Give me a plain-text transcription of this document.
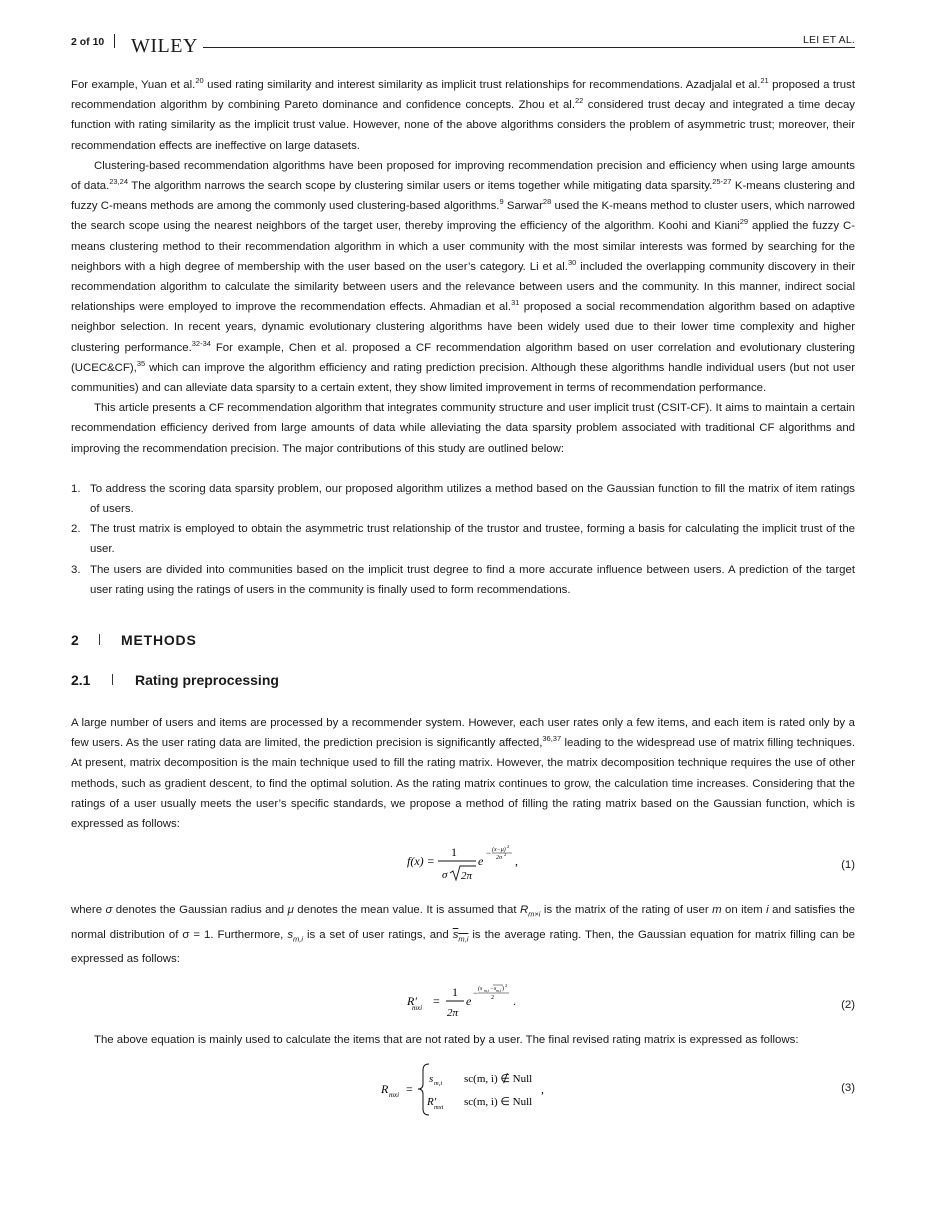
2 of 10 WILEY	LEI ET AL.

For example, Yuan et al.$^{20}$ used rating similarity and interest similarity as implicit trust relationships for recommendations. Azadjalal et al.$^{21}$ proposed a trust recommendation algorithm by combining Pareto dominance and confidence concepts. Zhou et al.$^{22}$ considered trust decay and integrated a time decay function with rating similarity as the implicit trust value. However, none of the above algorithms considers the problem of asymmetric trust; moreover, their recommendation effects are ineffective on large datasets.

Clustering-based recommendation algorithms have been proposed for improving recommendation precision and efficiency when using large amounts of data.$^{23,24}$ The algorithm narrows the search scope by clustering similar users or items together while mitigating data sparsity.$^{25-27}$ K-means clustering and fuzzy C-means methods are among the commonly used clustering-based algorithms.$^9$ Sarwar$^{28}$ used the K-means method to cluster users, which narrowed the search scope using the nearest neighbors of the target user, thereby improving the efficiency of the algorithm. Koohi and Kiani$^{29}$ applied the fuzzy C-means clustering method to their recommendation algorithm in which a user community with the most similar interests was formed by searching for the neighbors with a high degree of membership with the user based on the user’s category. Li et al.$^{30}$ included the overlapping community discovery in their recommendation algorithm to calculate the similarity between users and the relevance between users and the community. In this manner, indirect social relationships were employed to improve the recommendation effects. Ahmadian et al.$^{31}$ proposed a social recommendation algorithm based on adaptive neighbor selection. In recent years, dynamic evolutionary clustering algorithms have been widely used due to their lower time complexity and higher clustering performance.$^{32-34}$ For example, Chen et al. proposed a CF recommendation algorithm based on user correlation and evolutionary clustering (UCEC&CF),$^{35}$ which can improve the algorithm efficiency and rating prediction precision. Although these algorithms handle individual users (but not user communities) and can alleviate data sparsity to a certain extent, they show limited improvement in terms of recommendation performance.

This article presents a CF recommendation algorithm that integrates community structure and user implicit trust (CSIT-CF). It aims to maintain a certain recommendation efficiency derived from large amounts of data while alleviating the data sparsity problem associated with traditional CF algorithms and improving the recommendation precision. The major contributions of this study are outlined below:

1. To address the scoring data sparsity problem, our proposed algorithm utilizes a method based on the Gaussian function to fill the matrix of item ratings of users.
2. The trust matrix is employed to obtain the asymmetric trust relationship of the trustor and trustee, forming a basis for calculating the implicit trust of the user.
3. The users are divided into communities based on the implicit trust degree to find a more accurate influence between users. A prediction of the target user rating using the ratings of users in the community is finally used to form recommendations.
2	METHODS
2.1	Rating preprocessing

A large number of users and items are processed by a recommender system. However, each user rates only a few items, and each item is rated only by a few users. As the user rating data are limited, the prediction precision is significantly affected,$^{36,37}$ leading to the widespread use of matrix filling techniques. At present, matrix decomposition is the main technique used to fill the rating matrix. However, the matrix decomposition technique requires the use of other methods, such as gradient descent, to find the optimal solution. As the rating matrix continues to grow, the calculation time increases. Considering that the ratings of a user usually meets the user’s specific standards, we propose a method of filling the rating matrix based on the Gaussian function, which is expressed as follows:

f(x) =
1
σ 2π
e
− (x−μ)
2
2σ
2 ,	(1)

where σ denotes the Gaussian radius and μ denotes the mean value. It is assumed that $R_{m\times i}$ is the matrix of the rating of user m on item i and satisfies the normal distribution of σ = 1. Furthermore, $s_{m,i}$ is a set of user ratings, and $s_{m,i}$ is the average rating. Then, the Gaussian equation for matrix filling can be expressed as follows:

R′
mxi =
1
2π
e
− (s m,i −s m,i )
2
2 .	(2)

The above equation is mainly used to calculate the items that are not rated by a user. The final revised rating matrix is expressed as follows:

R mxi =
s m,i sc(m, i) ∉ Null
R′
mxi sc(m, i) ∈ Null
,	(3)
